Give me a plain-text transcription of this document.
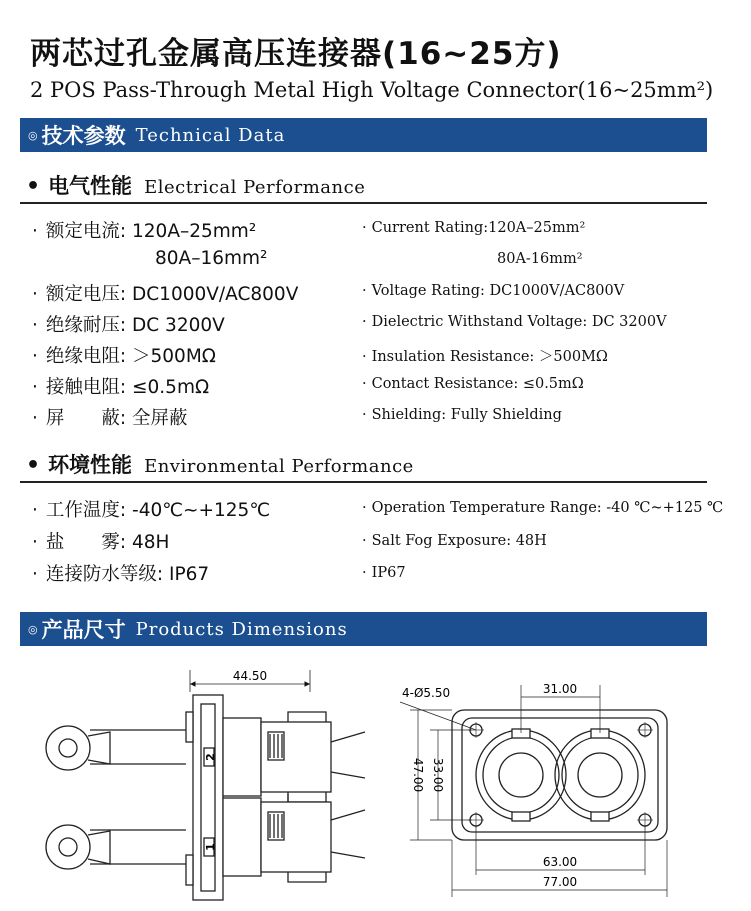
两芯过孔金属高压连接器(16~25方)
2 POS Pass-Through Metal High Voltage Connector(16~25mm²)
◎ 技术参数 Technical Data
• 电气性能 Electrical Performance
· 额定电流: 120A–25mm²
80A–16mm²
· 额定电压: DC1000V/AC800V
· 绝缘耐压: DC 3200V
· 绝缘电阻: ＞500MΩ
· 接触电阻: ≤0.5mΩ
· 屏　　蔽: 全屏蔽
· Current Rating:120A–25mm²
80A-16mm²
· Voltage Rating: DC1000V/AC800V
· Dielectric Withstand Voltage: DC 3200V
· Insulation Resistance: ＞500MΩ
· Contact Resistance: ≤0.5mΩ
· Shielding: Fully Shielding
• 环境性能 Environmental Performance
· 工作温度: -40℃~+125℃
· 盐　　雾: 48H
· 连接防水等级: IP67
· Operation Temperature Range: -40 ℃~+125 ℃
· Salt Fog Exposure: 48H
· IP67
◎ 产品尺寸 Products Dimensions
44.50
2
1
4-Ø5.50	31.00
33.00
47.00
63.00
77.00
